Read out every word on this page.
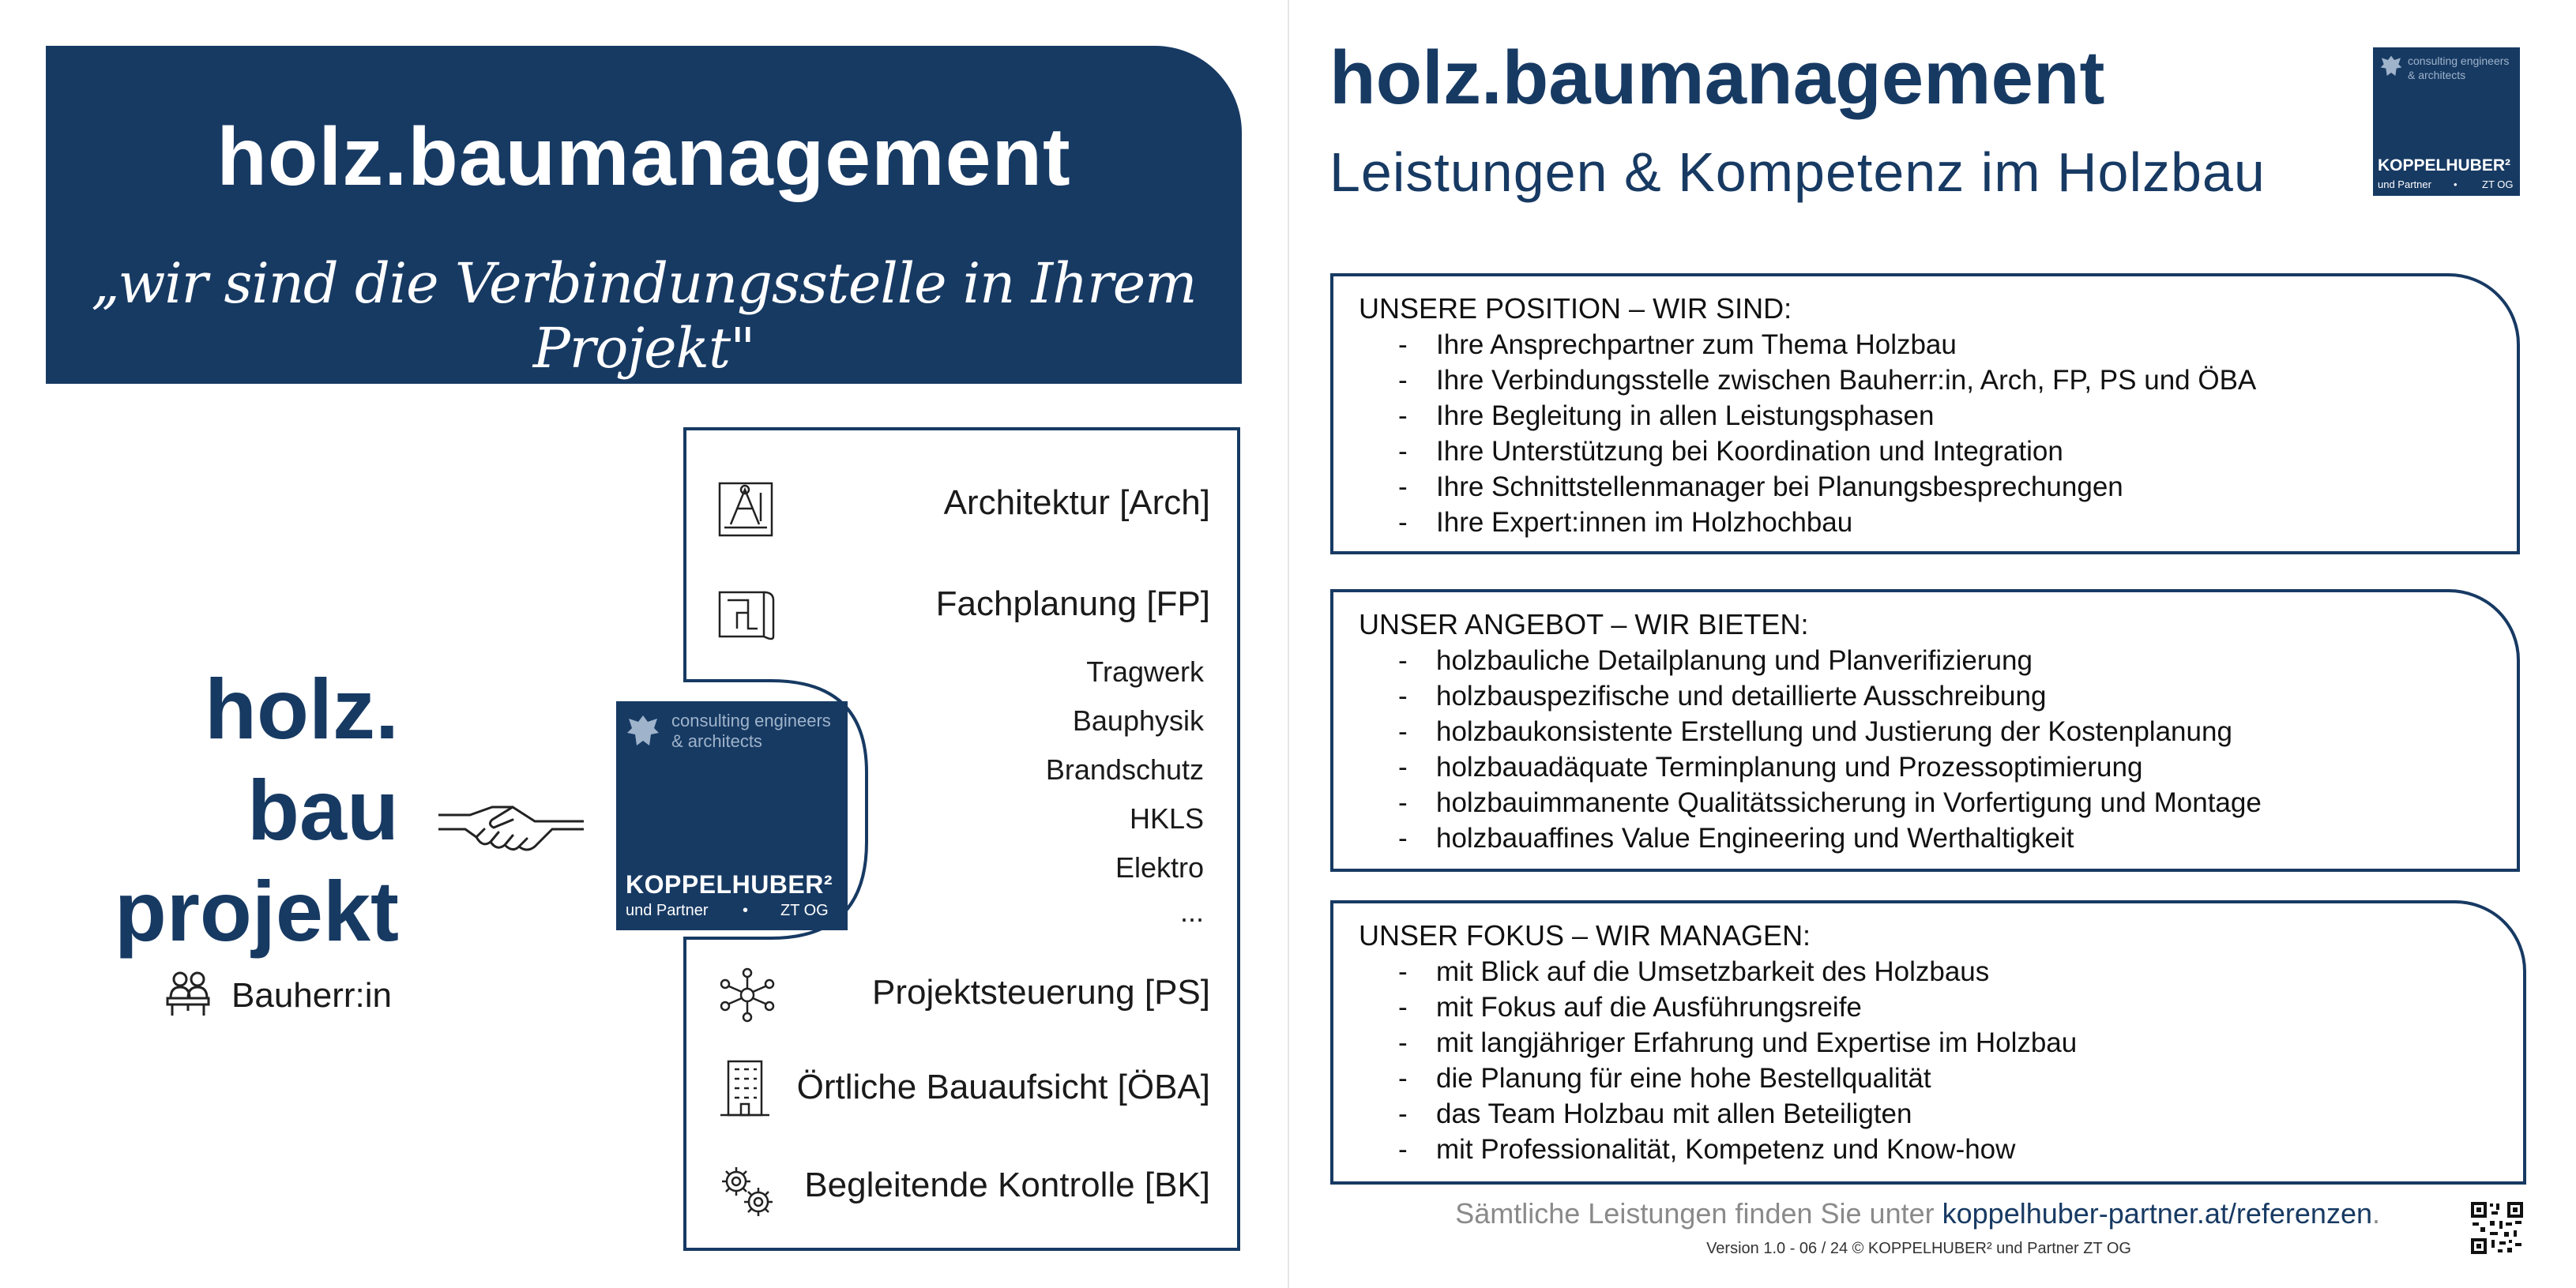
holz.baumanagement
„wir sind die Verbindungsstelle in Ihrem Projekt"
holz.
bau
projekt
Bauherr:in
Architektur [Arch]
Fachplanung [FP]
Tragwerk
Bauphysik
Brandschutz
HKLS
Elektro
...
Projektsteuerung [PS]
Örtliche Bauaufsicht [ÖBA]
Begleitende Kontrolle [BK]
consulting engineers
& architects
KOPPELHUBER²
und Partner • ZT OG
holz.baumanagement
Leistungen & Kompetenz im Holzbau
consulting engineers
& architects
KOPPELHUBER²
und Partner • ZT OG
UNSERE POSITION – WIR SIND:
- Ihre Ansprechpartner zum Thema Holzbau
- Ihre Verbindungsstelle zwischen Bauherr:in, Arch, FP, PS und ÖBA
- Ihre Begleitung in allen Leistungsphasen
- Ihre Unterstützung bei Koordination und Integration
- Ihre Schnittstellenmanager bei Planungsbesprechungen
- Ihre Expert:innen im Holzhochbau
UNSER ANGEBOT – WIR BIETEN:
- holzbauliche Detailplanung und Planverifizierung
- holzbauspezifische und detaillierte Ausschreibung
- holzbaukonsistente Erstellung und Justierung der Kostenplanung
- holzbauadäquate Terminplanung und Prozessoptimierung
- holzbauimmanente Qualitätssicherung in Vorfertigung und Montage
- holzbauaffines Value Engineering und Werthaltigkeit
UNSER FOKUS – WIR MANAGEN:
- mit Blick auf die Umsetzbarkeit des Holzbaus
- mit Fokus auf die Ausführungsreife
- mit langjähriger Erfahrung und Expertise im Holzbau
- die Planung für eine hohe Bestellqualität
- das Team Holzbau mit allen Beteiligten
- mit Professionalität, Kompetenz und Know-how
Sämtliche Leistungen finden Sie unter koppelhuber-partner.at/referenzen.
Version 1.0 - 06 / 24 © KOPPELHUBER² und Partner ZT OG
